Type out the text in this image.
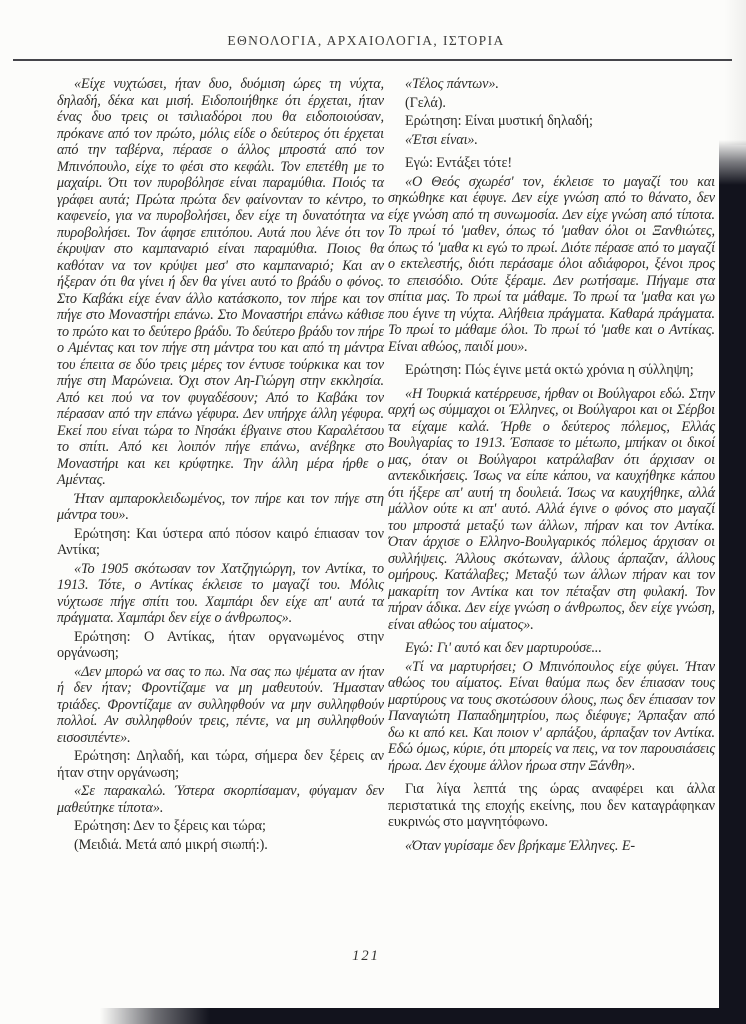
ΕΘΝΟΛΟΓΙΑ, ΑΡΧΑΙΟΛΟΓΙΑ, ΙΣΤΟΡΙΑ

«Είχε νυχτώσει, ήταν δυο, δυόμιση ώρες τη νύχτα, δηλαδή, δέκα και μισή. Ειδοποιήθηκε ότι έρχεται, ήταν ένας δυο τρεις οι τσιλιαδόροι που θα ειδοποιούσαν, πρόκανε από τον πρώτο, μόλις είδε ο δεύτερος ότι έρχεται από την ταβέρνα, πέρασε ο άλλος μπροστά από τον Μπινόπουλο, είχε το φέσι στο κεφάλι. Τον επετέθη με το μαχαίρι. Ότι τον πυροβόλησε είναι παραμύθια. Ποιός τα γράφει αυτά; Πρώτα πρώτα δεν φαίνονταν το κέντρο, το καφενείο, για να πυροβολήσει, δεν είχε τη δυνατότητα να πυροβολήσει. Τον άφησε επιτόπου. Αυτά που λένε ότι τον έκρυψαν στο καμπαναριό είναι παραμύθια. Ποιος θα καθόταν να τον κρύψει μεσ' στο καμπαναριό; Και αν ήξεραν ότι θα γίνει ή δεν θα γίνει αυτό το βράδυ ο φόνος. Στο Καβάκι είχε έναν άλλο κατάσκοπο, τον πήρε και τον πήγε στο Μοναστήρι επάνω. Στο Μοναστήρι επάνω κάθισε το πρώτο και το δεύτερο βράδυ. Το δεύτερο βράδυ τον πήρε ο Αμέντας και τον πήγε στη μάντρα του και από τη μάντρα του έπειτα σε δύο τρεις μέρες τον έντυσε τούρκικα και τον πήγε στη Μαρώνεια. Όχι στον Αη-Γιώργη στην εκκλησία. Από κει πού να τον φυγαδέσουν; Από το Καβάκι τον πέρασαν από την επάνω γέφυρα. Δεν υπήρχε άλλη γέφυρα. Εκεί που είναι τώρα το Νησάκι έβγαινε στου Καραλέτσου το σπίτι. Από κει λοιπόν πήγε επάνω, ανέβηκε στο Μοναστήρι και κει κρύφτηκε. Την άλλη μέρα ήρθε ο Αμέντας.

Ήταν αμπαροκλειδωμένος, τον πήρε και τον πήγε στη μάντρα του».

Ερώτηση: Και ύστερα από πόσον καιρό έπιασαν τον Αντίκα;

«Το 1905 σκότωσαν τον Χατζηγιώργη, τον Αντίκα, το 1913. Τότε, ο Αντίκας έκλεισε το μαγαζί του. Μόλις νύχτωσε πήγε σπίτι του. Χαμπάρι δεν είχε απ' αυτά τα πράγματα. Χαμπάρι δεν είχε ο άνθρωπος».

Ερώτηση: Ο Αντίκας, ήταν οργανωμένος στην οργάνωση;

«Δεν μπορώ να σας το πω. Να σας πω ψέματα αν ήταν ή δεν ήταν; Φροντίζαμε να μη μαθευτούν. Ήμασταν τριάδες. Φροντίζαμε αν συλληφθούν να μην συλληφθούν πολλοί. Αν συλληφθούν τρεις, πέντε, να μη συλληφθούν εισοσιπέντε».

Ερώτηση: Δηλαδή, και τώρα, σήμερα δεν ξέρεις αν ήταν στην οργάνωση;

«Σε παρακαλώ. Ύστερα σκορπίσαμαν, φύγαμαν δεν μαθεύτηκε τίποτα».

Ερώτηση: Δεν το ξέρεις και τώρα;

(Μειδιά. Μετά από μικρή σιωπή:).

«Τέλος πάντων».

(Γελά).

Ερώτηση: Είναι μυστική δηλαδή;

«Έτσι είναι».

Εγώ: Εντάξει τότε!

«Ο Θεός σχωρέσ' τον, έκλεισε το μαγαζί του και σηκώθηκε και έφυγε. Δεν είχε γνώση από το θάνατο, δεν είχε γνώση από τη συνωμοσία. Δεν είχε γνώση από τίποτα. Το πρωί τό 'μαθεν, όπως τό 'μαθαν όλοι οι Ξανθιώτες, όπως τό 'μαθα κι εγώ το πρωί. Διότε πέρασε από το μαγαζί ο εκτελεστής, διότι περάσαμε όλοι αδιάφοροι, ξένοι προς το επεισόδιο. Ούτε ξέραμε. Δεν ρωτήσαμε. Πήγαμε στα σπίτια μας. Το πρωί τα μάθαμε. Το πρωί τα 'μαθα και γω που έγινε τη νύχτα. Αλήθεια πράγματα. Καθαρά πράγματα. Το πρωί το μάθαμε όλοι. Το πρωί τό 'μαθε και ο Αντίκας. Είναι αθώος, παιδί μου».

Ερώτηση: Πώς έγινε μετά οκτώ χρόνια η σύλληψη;

«Η Τουρκιά κατέρρευσε, ήρθαν οι Βούλγαροι εδώ. Στην αρχή ως σύμμαχοι οι Έλληνες, οι Βούλγαροι και οι Σέρβοι τα είχαμε καλά. Ήρθε ο δεύτερος πόλεμος, Ελλάς Βουλγαρίας το 1913. Έσπασε το μέτωπο, μπήκαν οι δικοί μας, όταν οι Βούλγαροι κατράλαβαν ότι άρχισαν οι αντεκδικήσεις. Ίσως να είπε κάπου, να καυχήθηκε κάπου ότι ήξερε απ' αυτή τη δουλειά. Ίσως να καυχήθηκε, αλλά μάλλον ούτε κι απ' αυτό. Αλλά έγινε ο φόνος στο μαγαζί του μπροστά μεταξύ των άλλων, πήραν και τον Αντίκα. Όταν άρχισε ο Ελληνο-Βουλγαρικός πόλεμος άρχισαν οι συλλήψεις. Άλλους σκότωναν, άλλους άρπαζαν, άλλους ομήρους. Κατάλαβες; Μεταξύ των άλλων πήραν και τον μακαρίτη τον Αντίκα και τον πέταξαν στη φυλακή. Τον πήραν άδικα. Δεν είχε γνώση ο άνθρωπος, δεν είχε γνώση, είναι αθώος του αίματος».

Εγώ: Γι' αυτό και δεν μαρτυρούσε...

«Τί να μαρτυρήσει; Ο Μπινόπουλος είχε φύγει. Ήταν αθώος του αίματος. Είναι θαύμα πως δεν έπιασαν τους μαρτύρους να τους σκοτώσουν όλους, πως δεν έπιασαν τον Παναγιώτη Παπαδημητρίου, πως διέφυγε; Άρπαξαν από δω κι από κει. Και ποιον ν' αρπάξου, άρπαξαν τον Αντίκα. Εδώ όμως, κύριε, ότι μπορείς να πεις, να τον παρουσιάσεις ήρωα. Δεν έχουμε άλλον ήρωα στην Ξάνθη».

Για λίγα λεπτά της ώρας αναφέρει και άλλα περιστατικά της εποχής εκείνης, που δεν καταγράφηκαν ευκρινώς στο μαγνητόφωνο.

«Όταν γυρίσαμε δεν βρήκαμε Έλληνες. Ε-

121
